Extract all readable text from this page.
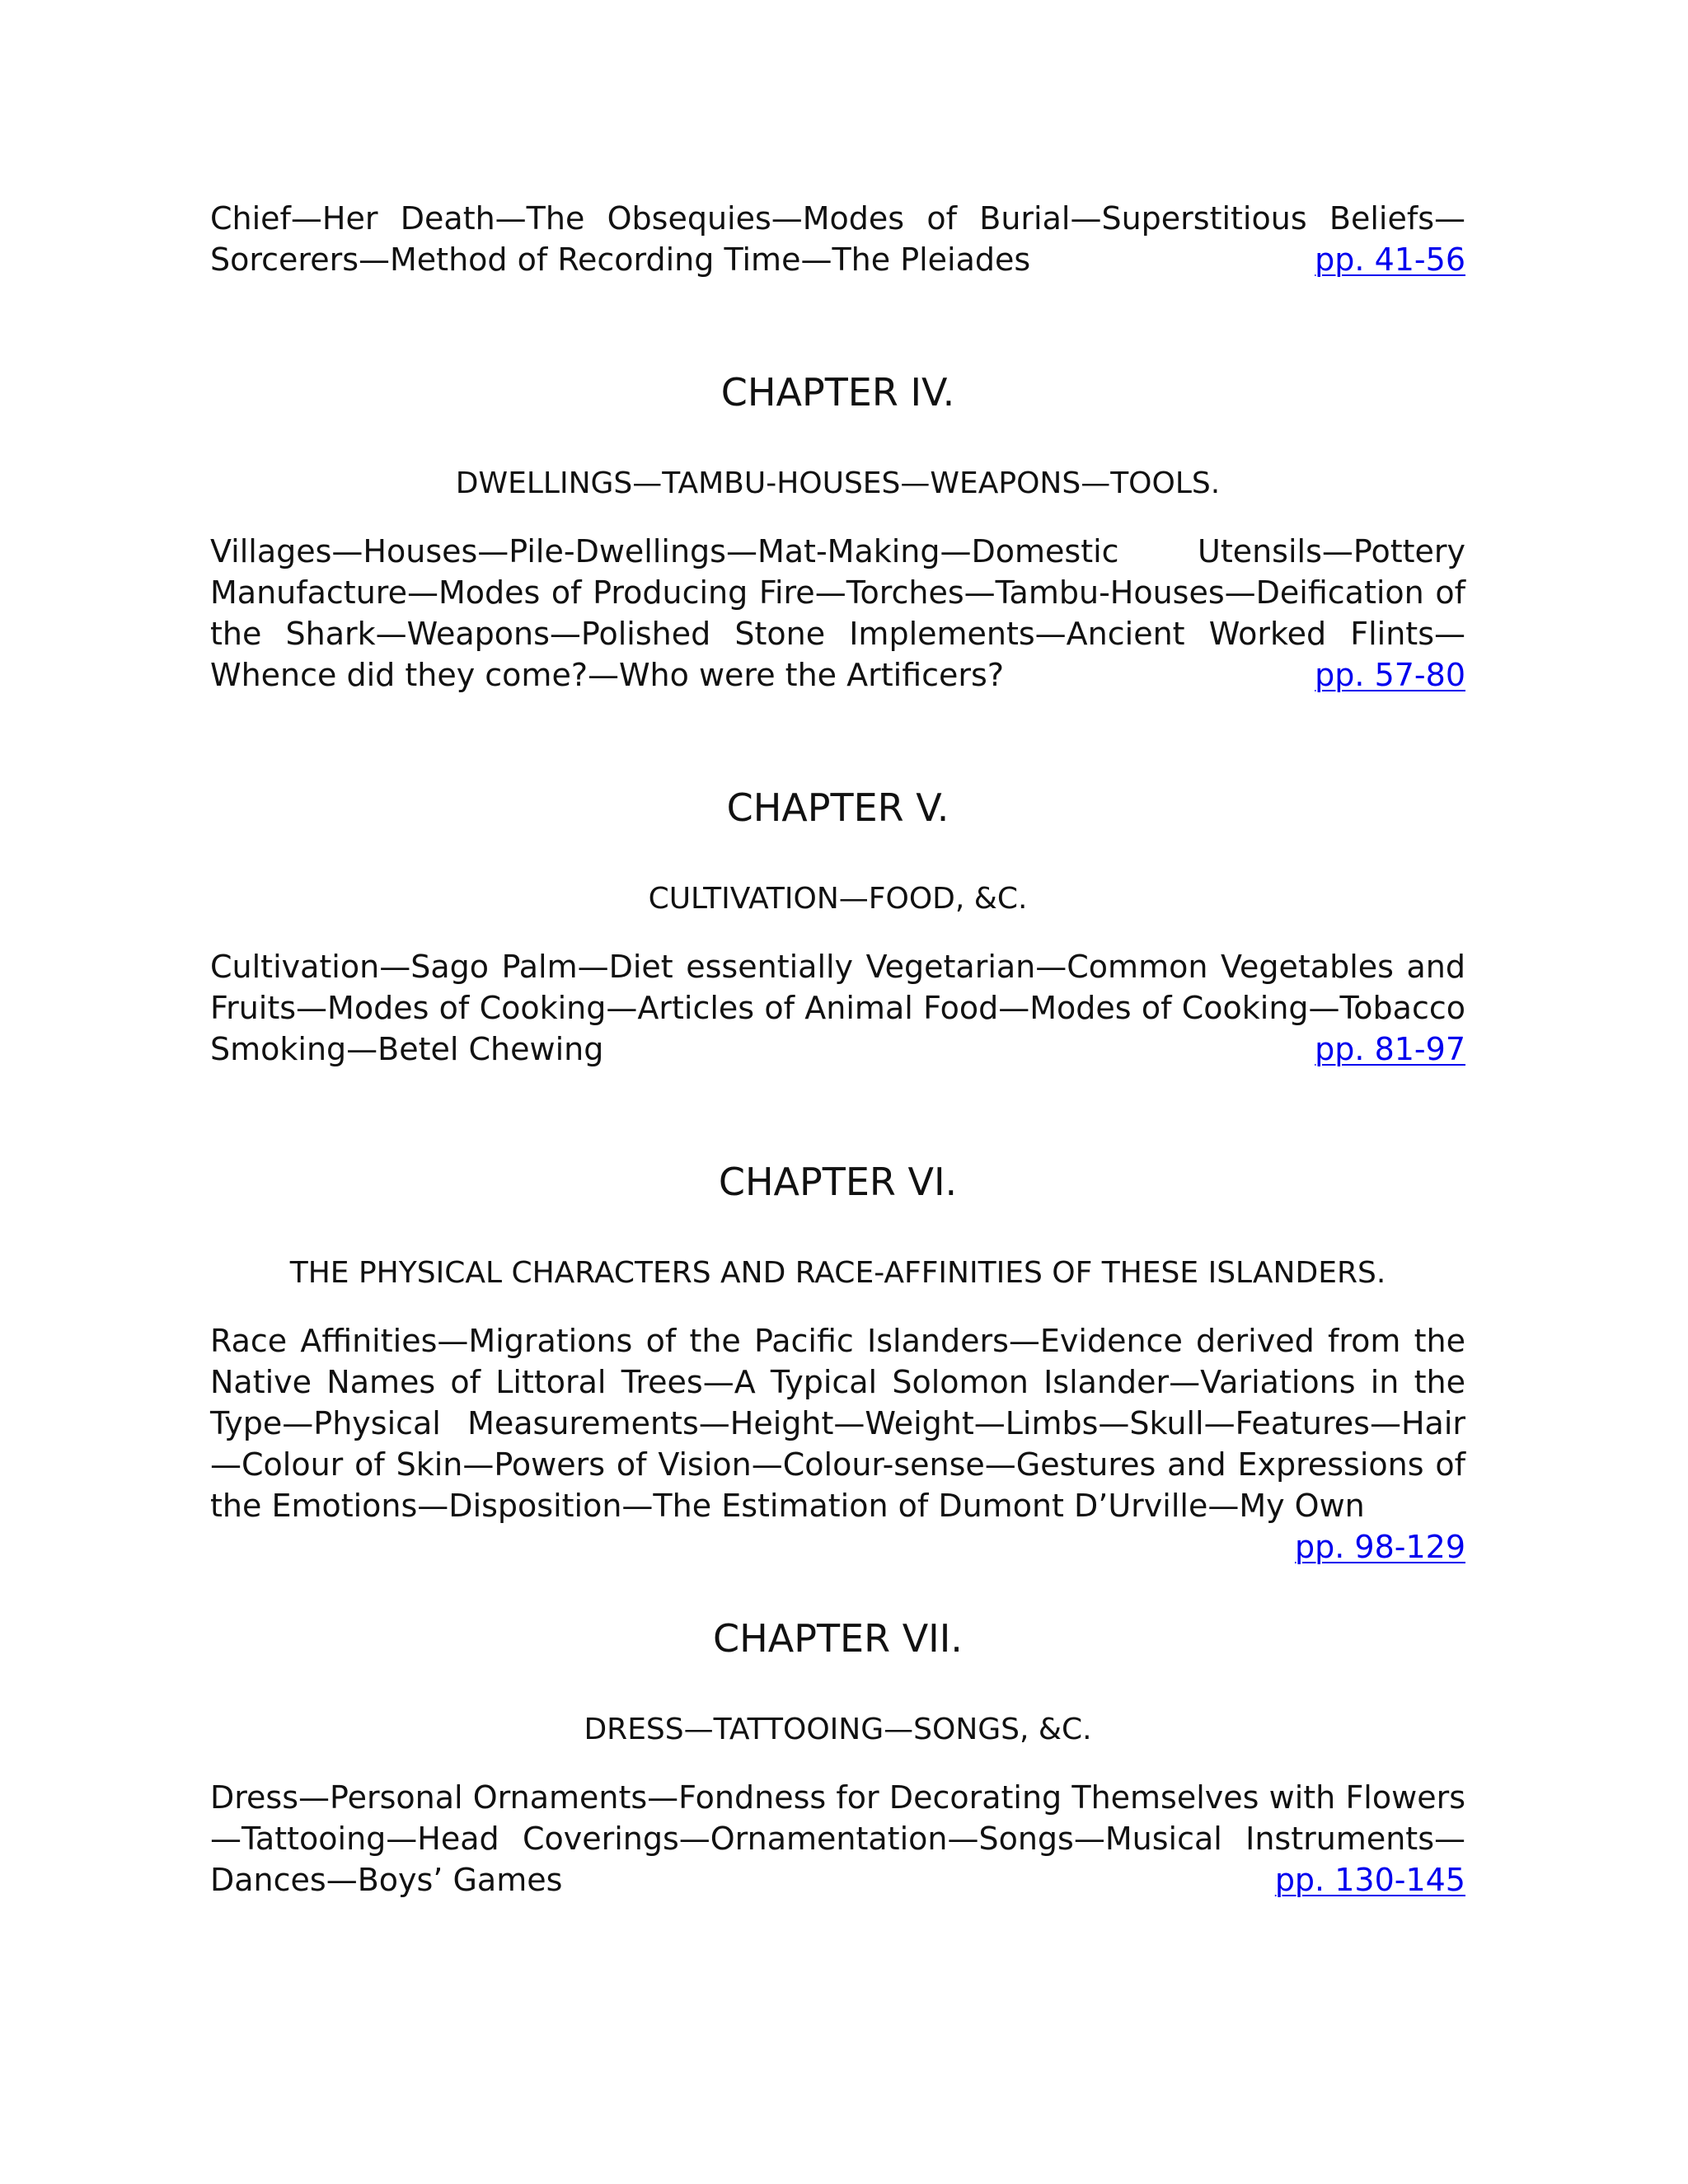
Chief—Her Death—The Obsequies—Modes of Burial—Superstitious Beliefs—Sorcerers—Method of Recording Time—The Pleiades	pp. 41-56

CHAPTER IV.
DWELLINGS—TAMBU-HOUSES—WEAPONS—TOOLS.

Villages—Houses—Pile-Dwellings—Mat-Making—Domestic Utensils—Pottery Manufacture—Modes of Producing Fire—Torches—Tambu-Houses—Deification of the Shark—Weapons—Polished Stone Implements—Ancient Worked Flints—Whence did they come?—Who were the Artificers?	pp. 57-80

CHAPTER V.
CULTIVATION—FOOD, &C.

Cultivation—Sago Palm—Diet essentially Vegetarian—Common Vegetables and Fruits—Modes of Cooking—Articles of Animal Food—Modes of Cooking—Tobacco Smoking—Betel Chewing	pp. 81-97

CHAPTER VI.
THE PHYSICAL CHARACTERS AND RACE-AFFINITIES OF THESE ISLANDERS.

Race Affinities—Migrations of the Pacific Islanders—Evidence derived from the Native Names of Littoral Trees—A Typical Solomon Islander—Variations in the Type—Physical Measurements—Height—Weight—Limbs—Skull—Features—Hair—Colour of Skin—Powers of Vision—Colour-sense—Gestures and Expressions of the Emotions—Disposition—The Estimation of Dumont D’Urville—My Own
pp. 98-129

CHAPTER VII.
DRESS—TATTOOING—SONGS, &C.

Dress—Personal Ornaments—Fondness for Decorating Themselves with Flowers—Tattooing—Head Coverings—Ornamentation—Songs—Musical Instruments—Dances—Boys’ Games	pp. 130-145
